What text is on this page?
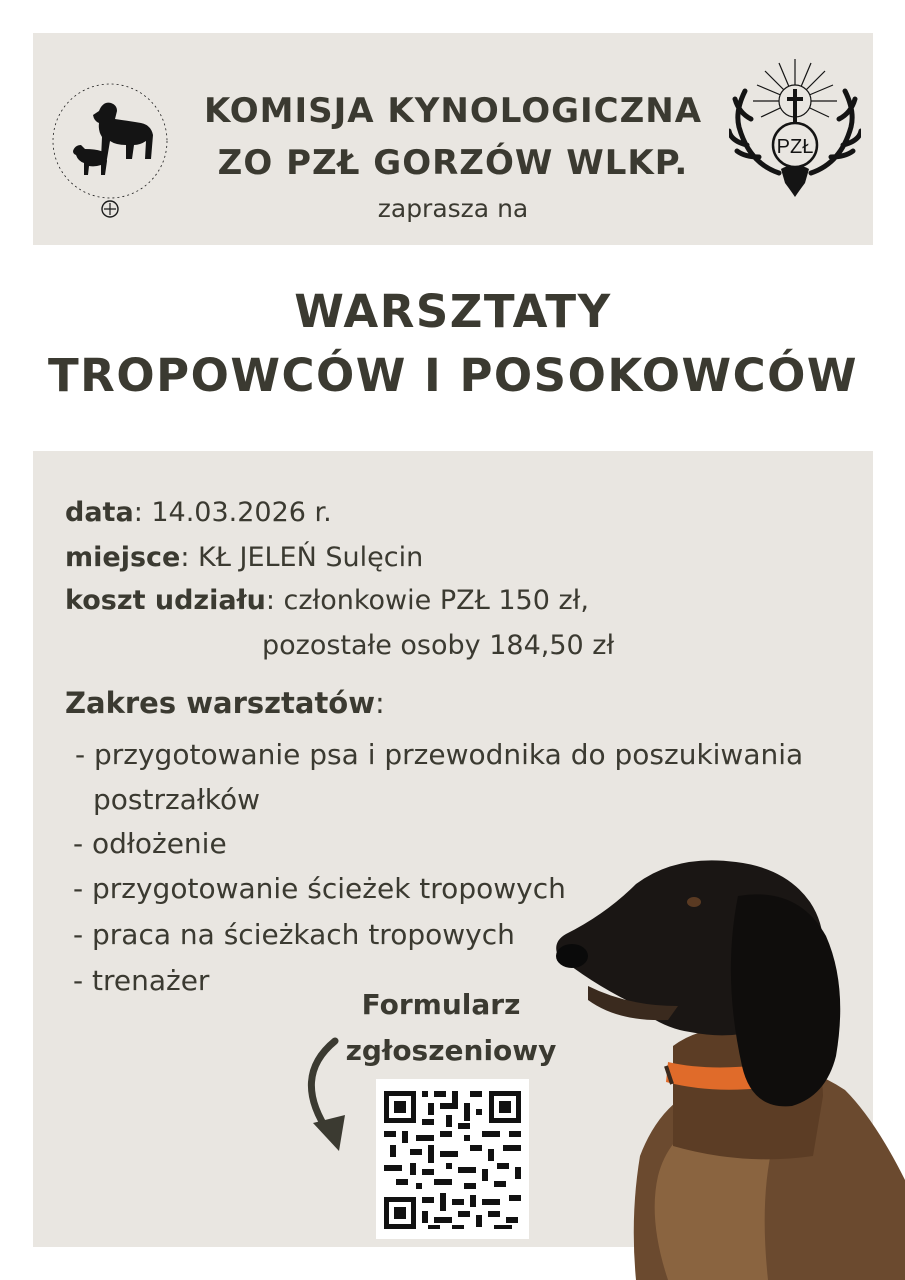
KOMISJA KYNOLOGICZNA
ZO PZŁ GORZÓW WLKP.
zaprasza na
PZŁ
WARSZTATY
TROPOWCÓW I POSOKOWCÓW
data: 14.03.2026 r.
miejsce: KŁ JELEŃ Sulęcin
koszt udziału: członkowie PZŁ 150 zł,
pozostałe osoby 184,50 zł
Zakres warsztatów:
- przygotowanie psa i przewodnika do poszukiwania
postrzałków
- odłożenie
- przygotowanie ścieżek tropowych
- praca na ścieżkach tropowych
- trenażer
Formularz
zgłoszeniowy
